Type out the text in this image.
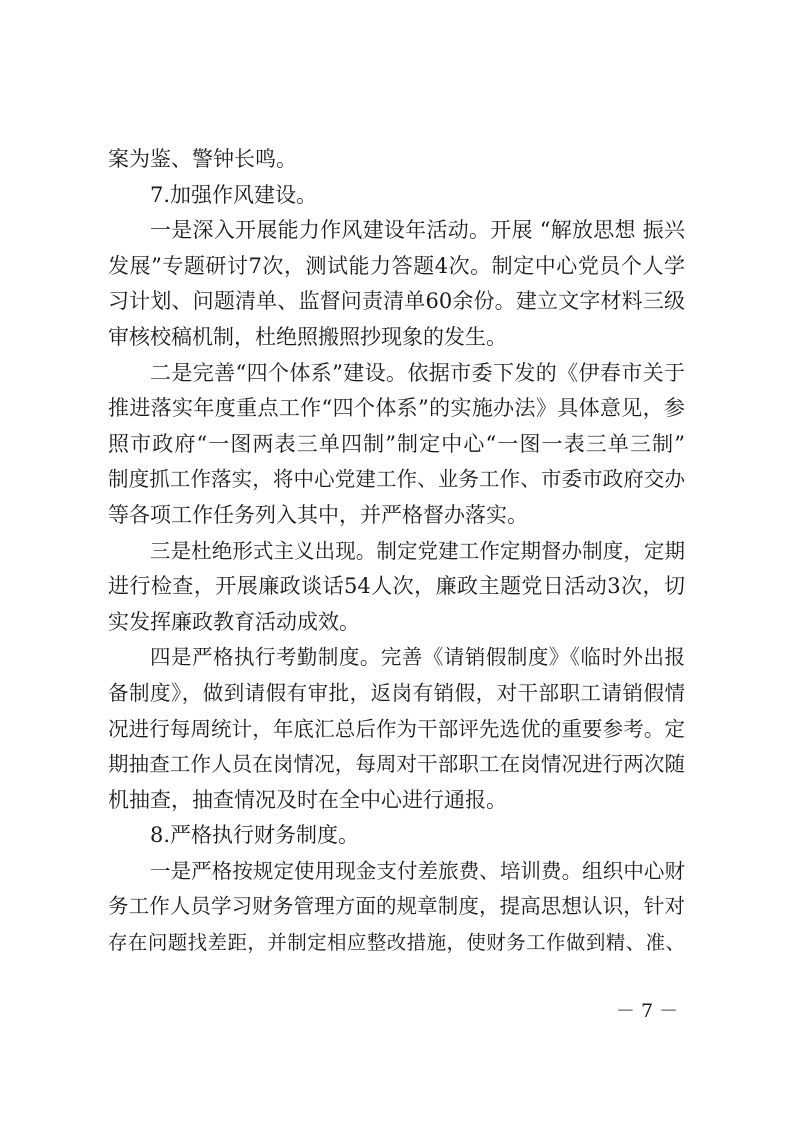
案为鉴、警钟长鸣。
7.加强作风建设。
一是深入开展能力作风建设年活动。开展 “解放思想 振兴
发展”专题研讨7次，测试能力答题4次。制定中心党员个人学
习计划、问题清单、监督问责清单60余份。建立文字材料三级
审核校稿机制，杜绝照搬照抄现象的发生。
二是完善“四个体系”建设。依据市委下发的《伊春市关于
推进落实年度重点工作“四个体系”的实施办法》具体意见，参
照市政府“一图两表三单四制”制定中心“一图一表三单三制”
制度抓工作落实，将中心党建工作、业务工作、市委市政府交办
等各项工作任务列入其中，并严格督办落实。
三是杜绝形式主义出现。制定党建工作定期督办制度，定期
进行检查，开展廉政谈话54人次，廉政主题党日活动3次，切
实发挥廉政教育活动成效。
四是严格执行考勤制度。完善《请销假制度》《临时外出报
备制度》，做到请假有审批，返岗有销假，对干部职工请销假情
况进行每周统计，年底汇总后作为干部评先选优的重要参考。定
期抽查工作人员在岗情况，每周对干部职工在岗情况进行两次随
机抽查，抽查情况及时在全中心进行通报。
8.严格执行财务制度。
一是严格按规定使用现金支付差旅费、培训费。组织中心财
务工作人员学习财务管理方面的规章制度，提高思想认识，针对
存在问题找差距，并制定相应整改措施，使财务工作做到精、准、
－ 7 －
